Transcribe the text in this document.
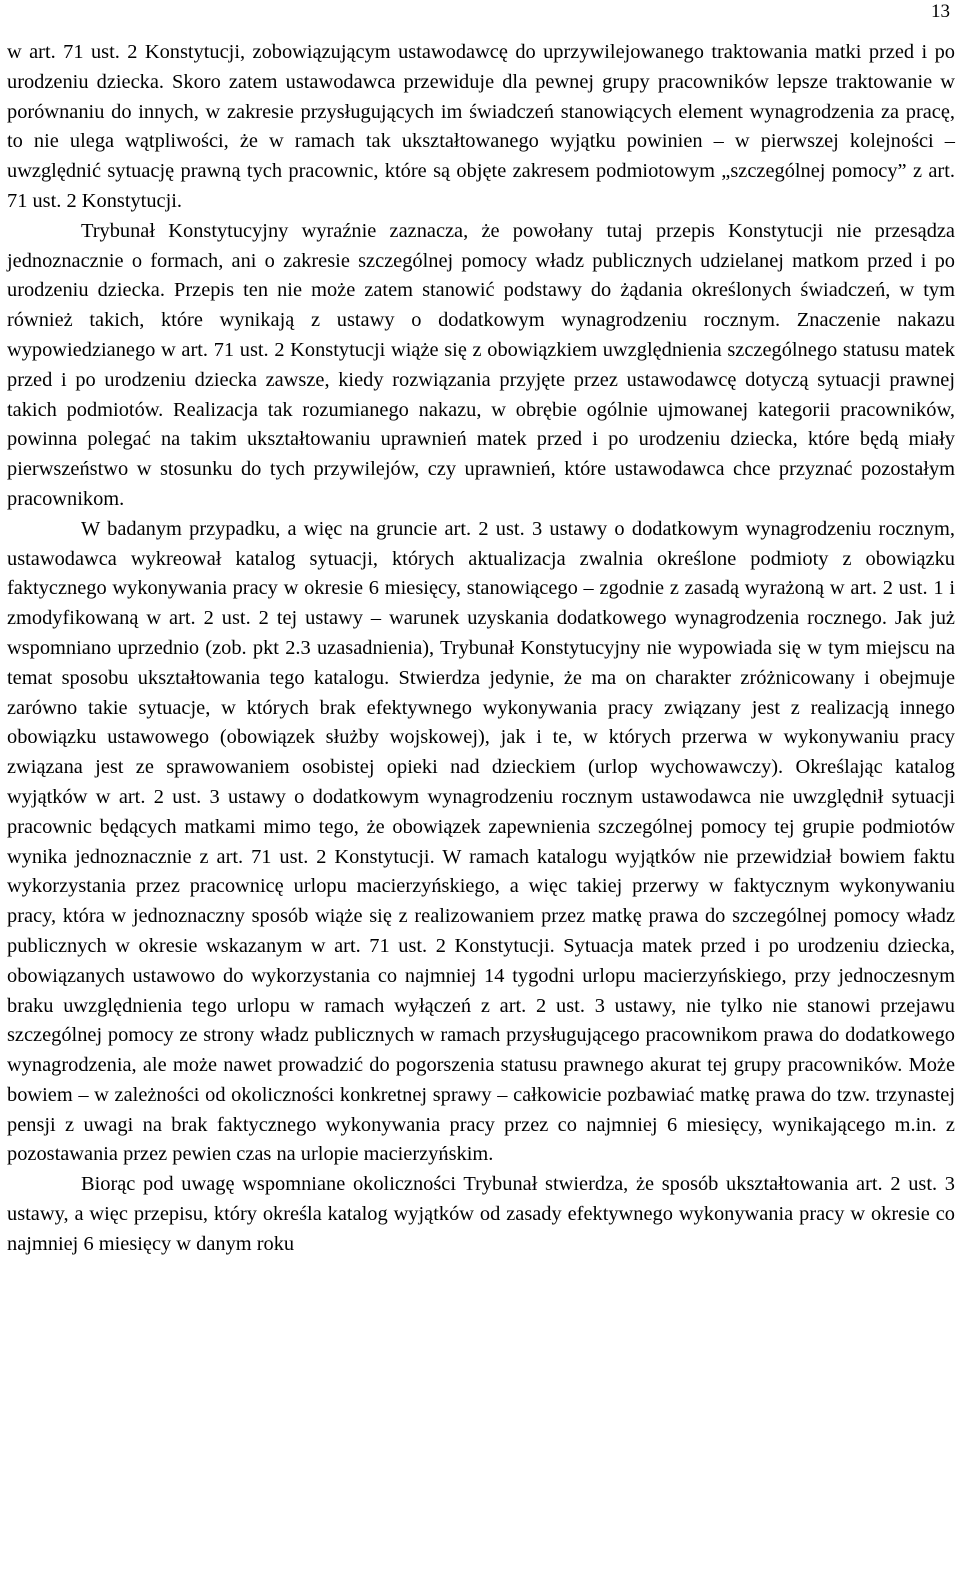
13

w art. 71 ust. 2 Konstytucji, zobowiązującym ustawodawcę do uprzywilejowanego traktowania matki przed i po urodzeniu dziecka. Skoro zatem ustawodawca przewiduje dla pewnej grupy pracowników lepsze traktowanie w porównaniu do innych, w zakresie przysługujących im świadczeń stanowiących element wynagrodzenia za pracę, to nie ulega wątpliwości, że w ramach tak ukształtowanego wyjątku powinien – w pierwszej kolejności – uwzględnić sytuację prawną tych pracownic, które są objęte zakresem podmiotowym „szczególnej pomocy” z art. 71 ust. 2 Konstytucji.

Trybunał Konstytucyjny wyraźnie zaznacza, że powołany tutaj przepis Konstytucji nie przesądza jednoznacznie o formach, ani o zakresie szczególnej pomocy władz publicznych udzielanej matkom przed i po urodzeniu dziecka. Przepis ten nie może zatem stanowić podstawy do żądania określonych świadczeń, w tym również takich, które wynikają z ustawy o dodatkowym wynagrodzeniu rocznym. Znaczenie nakazu wypowiedzianego w art. 71 ust. 2 Konstytucji wiąże się z obowiązkiem uwzględnienia szczególnego statusu matek przed i po urodzeniu dziecka zawsze, kiedy rozwiązania przyjęte przez ustawodawcę dotyczą sytuacji prawnej takich podmiotów. Realizacja tak rozumianego nakazu, w obrębie ogólnie ujmowanej kategorii pracowników, powinna polegać na takim ukształtowaniu uprawnień matek przed i po urodzeniu dziecka, które będą miały pierwszeństwo w stosunku do tych przywilejów, czy uprawnień, które ustawodawca chce przyznać pozostałym pracownikom.

W badanym przypadku, a więc na gruncie art. 2 ust. 3 ustawy o dodatkowym wynagrodzeniu rocznym, ustawodawca wykreował katalog sytuacji, których aktualizacja zwalnia określone podmioty z obowiązku faktycznego wykonywania pracy w okresie 6 miesięcy, stanowiącego – zgodnie z zasadą wyrażoną w art. 2 ust. 1 i zmodyfikowaną w art. 2 ust. 2 tej ustawy – warunek uzyskania dodatkowego wynagrodzenia rocznego. Jak już wspomniano uprzednio (zob. pkt 2.3 uzasadnienia), Trybunał Konstytucyjny nie wypowiada się w tym miejscu na temat sposobu ukształtowania tego katalogu. Stwierdza jedynie, że ma on charakter zróżnicowany i obejmuje zarówno takie sytuacje, w których brak efektywnego wykonywania pracy związany jest z realizacją innego obowiązku ustawowego (obowiązek służby wojskowej), jak i te, w których przerwa w wykonywaniu pracy związana jest ze sprawowaniem osobistej opieki nad dzieckiem (urlop wychowawczy). Określając katalog wyjątków w art. 2 ust. 3 ustawy o dodatkowym wynagrodzeniu rocznym ustawodawca nie uwzględnił sytuacji pracownic będących matkami mimo tego, że obowiązek zapewnienia szczególnej pomocy tej grupie podmiotów wynika jednoznacznie z art. 71 ust. 2 Konstytucji. W ramach katalogu wyjątków nie przewidział bowiem faktu wykorzystania przez pracownicę urlopu macierzyńskiego, a więc takiej przerwy w faktycznym wykonywaniu pracy, która w jednoznaczny sposób wiąże się z realizowaniem przez matkę prawa do szczególnej pomocy władz publicznych w okresie wskazanym w art. 71 ust. 2 Konstytucji. Sytuacja matek przed i po urodzeniu dziecka, obowiązanych ustawowo do wykorzystania co najmniej 14 tygodni urlopu macierzyńskiego, przy jednoczesnym braku uwzględnienia tego urlopu w ramach wyłączeń z art. 2 ust. 3 ustawy, nie tylko nie stanowi przejawu szczególnej pomocy ze strony władz publicznych w ramach przysługującego pracownikom prawa do dodatkowego wynagrodzenia, ale może nawet prowadzić do pogorszenia statusu prawnego akurat tej grupy pracowników. Może bowiem – w zależności od okoliczności konkretnej sprawy – całkowicie pozbawiać matkę prawa do tzw. trzynastej pensji z uwagi na brak faktycznego wykonywania pracy przez co najmniej 6 miesięcy, wynikającego m.in. z pozostawania przez pewien czas na urlopie macierzyńskim.

Biorąc pod uwagę wspomniane okoliczności Trybunał stwierdza, że sposób ukształtowania art. 2 ust. 3 ustawy, a więc przepisu, który określa katalog wyjątków od zasady efektywnego wykonywania pracy w okresie co najmniej 6 miesięcy w danym roku
